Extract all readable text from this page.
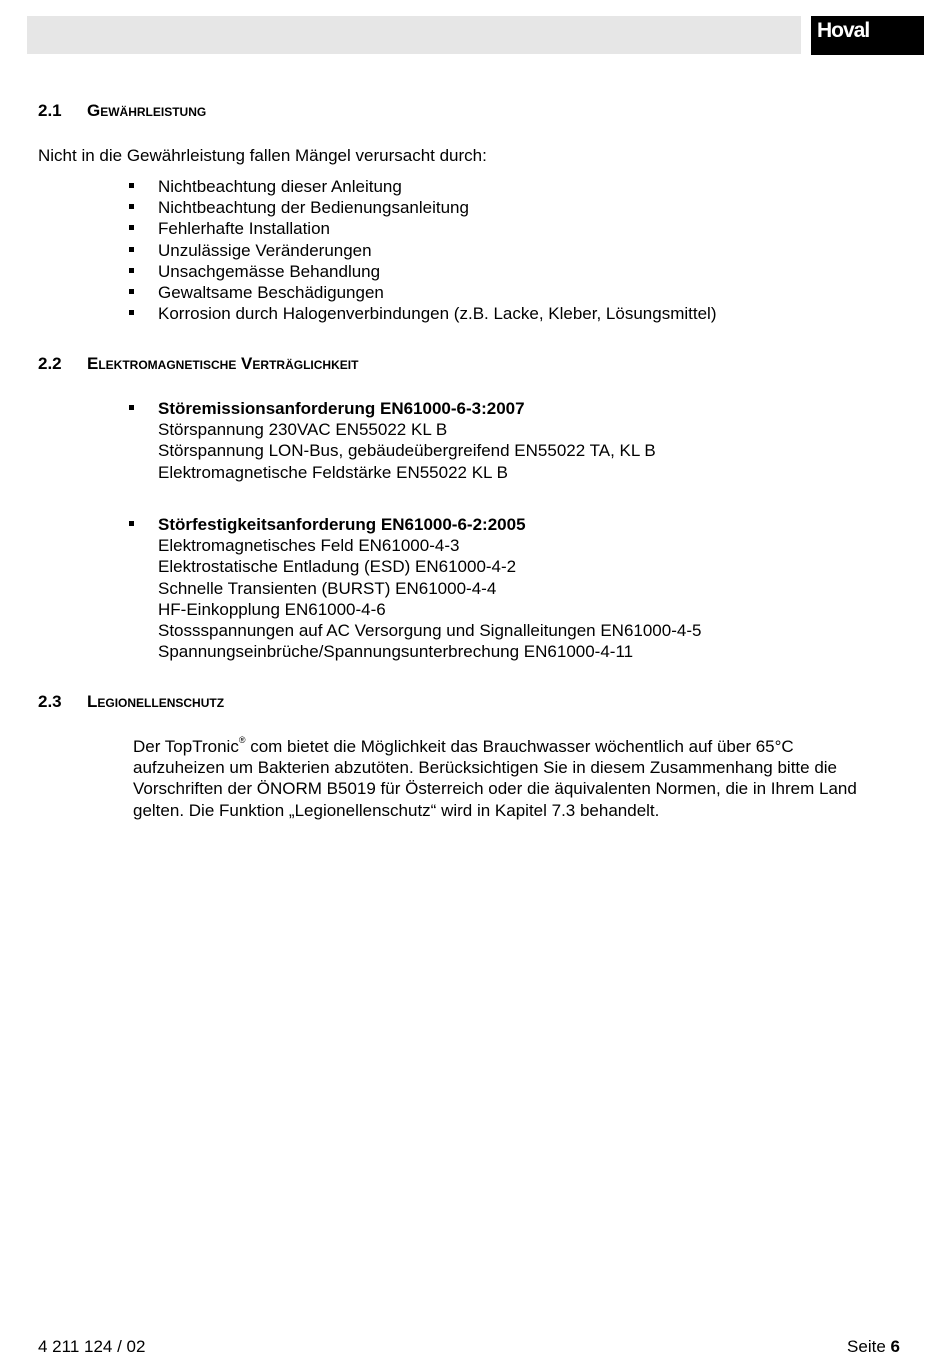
Hoval
2.1 Gewährleistung
Nicht in die Gewährleistung fallen Mängel verursacht durch:
Nichtbeachtung dieser Anleitung
Nichtbeachtung der Bedienungsanleitung
Fehlerhafte Installation
Unzulässige Veränderungen
Unsachgemässe Behandlung
Gewaltsame Beschädigungen
Korrosion durch Halogenverbindungen (z.B. Lacke, Kleber, Lösungsmittel)
2.2 Elektromagnetische Verträglichkeit
Störemissionsanforderung EN61000-6-3:2007
Störspannung 230VAC EN55022 KL B
Störspannung LON-Bus, gebäudeübergreifend EN55022 TA, KL B
Elektromagnetische Feldstärke EN55022 KL B
Störfestigkeitsanforderung EN61000-6-2:2005
Elektromagnetisches Feld EN61000-4-3
Elektrostatische Entladung (ESD) EN61000-4-2
Schnelle Transienten (BURST) EN61000-4-4
HF-Einkopplung EN61000-4-6
Stossspannungen auf AC Versorgung und Signalleitungen EN61000-4-5
Spannungseinbrüche/Spannungsunterbrechung EN61000-4-11
2.3 Legionellenschutz
Der TopTronic® com bietet die Möglichkeit das Brauchwasser wöchentlich auf über 65°C aufzuheizen um Bakterien abzutöten. Berücksichtigen Sie in diesem Zusammenhang bitte die Vorschriften der ÖNORM B5019 für Österreich oder die äquivalenten Normen, die in Ihrem Land gelten. Die Funktion „Legionellenschutz“ wird in Kapitel 7.3 behandelt.
4 211 124 / 02	Seite 6
